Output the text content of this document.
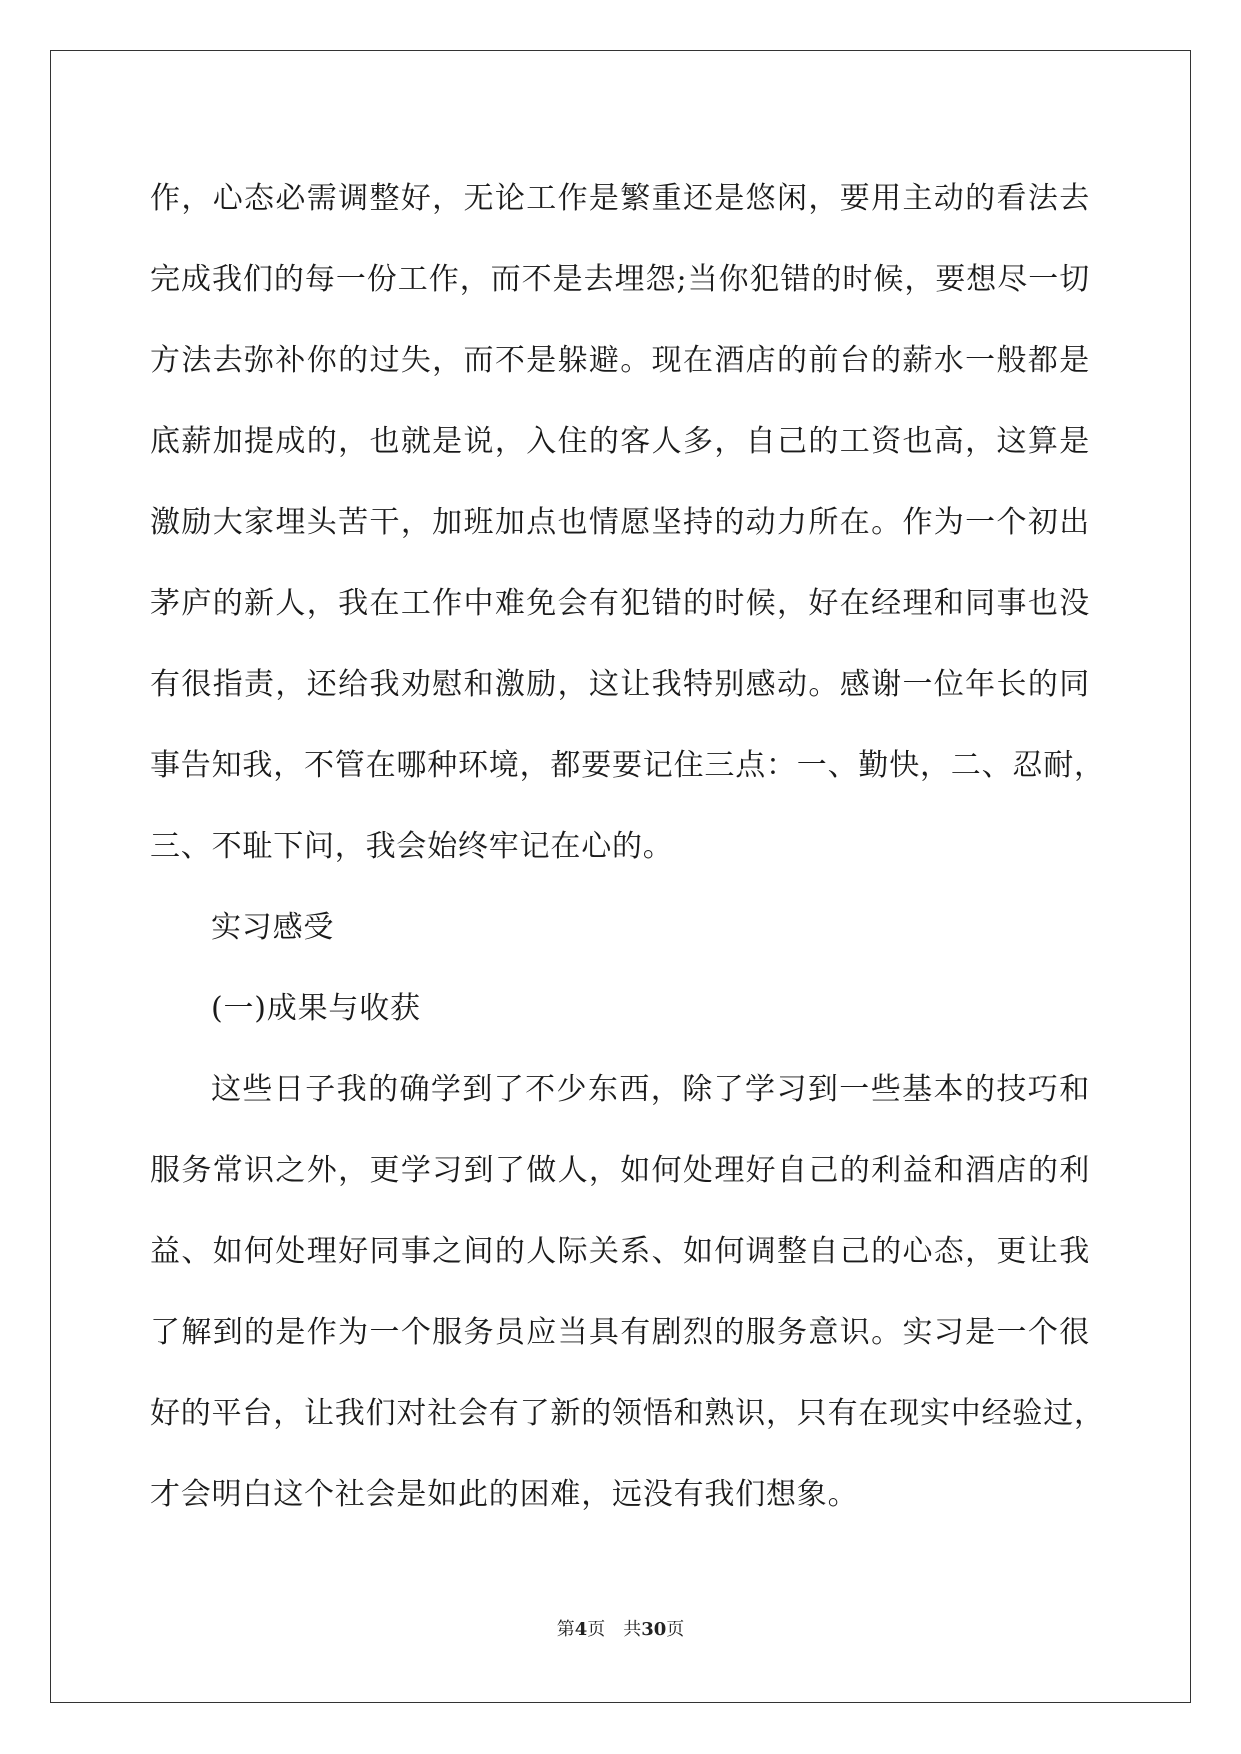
作，心态必需调整好，无论工作是繁重还是悠闲，要用主动的看法去
完成我们的每一份工作，而不是去埋怨;当你犯错的时候，要想尽一切
方法去弥补你的过失，而不是躲避。现在酒店的前台的薪水一般都是
底薪加提成的，也就是说，入住的客人多，自己的工资也高，这算是
激励大家埋头苦干，加班加点也情愿坚持的动力所在。作为一个初出
茅庐的新人，我在工作中难免会有犯错的时候，好在经理和同事也没
有很指责，还给我劝慰和激励，这让我特别感动。感谢一位年长的同
事告知我，不管在哪种环境，都要要记住三点：一、勤快，二、忍耐，
三、不耻下问，我会始终牢记在心的。
实习感受
(一)成果与收获
这些日子我的确学到了不少东西，除了学习到一些基本的技巧和
服务常识之外，更学习到了做人，如何处理好自己的利益和酒店的利
益、如何处理好同事之间的人际关系、如何调整自己的心态，更让我
了解到的是作为一个服务员应当具有剧烈的服务意识。实习是一个很
好的平台，让我们对社会有了新的领悟和熟识，只有在现实中经验过，
才会明白这个社会是如此的困难，远没有我们想象。
第4页 共30页
